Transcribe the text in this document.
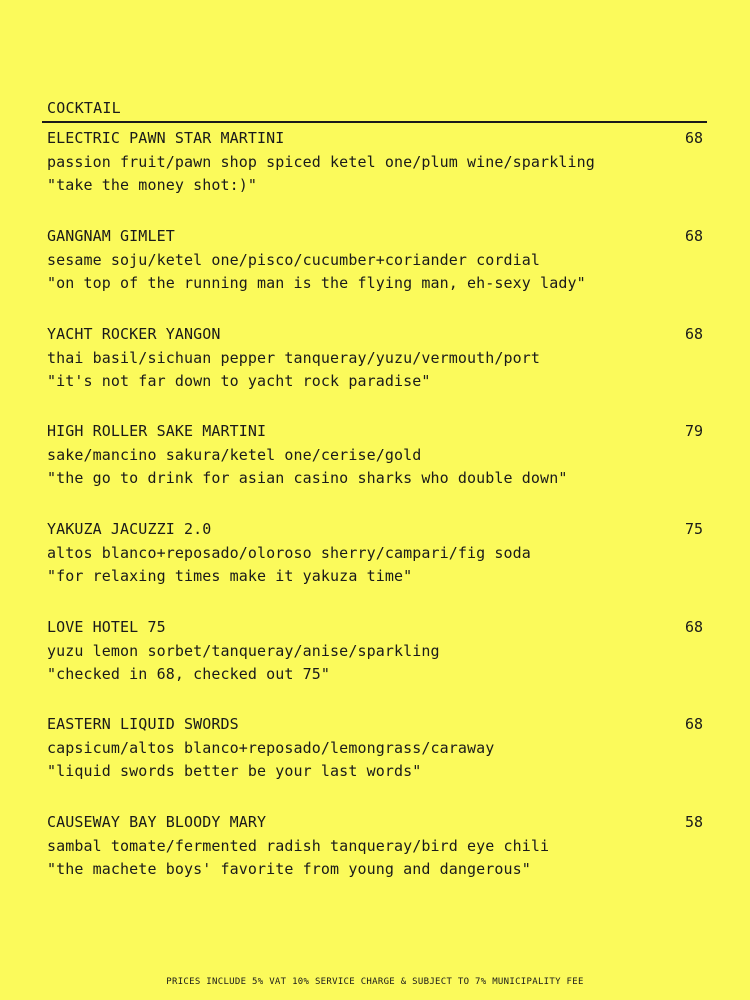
COCKTAIL
ELECTRIC PAWN STAR MARTINI	68
passion fruit/pawn shop spiced ketel one/plum wine/sparkling
"take the money shot:)"
GANGNAM GIMLET	68
sesame soju/ketel one/pisco/cucumber+coriander cordial
"on top of the running man is the flying man, eh-sexy lady"
YACHT ROCKER YANGON	68
thai basil/sichuan pepper tanqueray/yuzu/vermouth/port
"it's not far down to yacht rock paradise"
HIGH ROLLER SAKE MARTINI	79
sake/mancino sakura/ketel one/cerise/gold
"the go to drink for asian casino sharks who double down"
YAKUZA JACUZZI 2.0	75
altos blanco+reposado/oloroso sherry/campari/fig soda
"for relaxing times make it yakuza time"
LOVE HOTEL 75	68
yuzu lemon sorbet/tanqueray/anise/sparkling
"checked in 68, checked out 75"
EASTERN LIQUID SWORDS	68
capsicum/altos blanco+reposado/lemongrass/caraway
"liquid swords better be your last words"
CAUSEWAY BAY BLOODY MARY	58
sambal tomate/fermented radish tanqueray/bird eye chili
"the machete boys' favorite from young and dangerous"
PRICES INCLUDE 5% VAT 10% SERVICE CHARGE & SUBJECT TO 7% MUNICIPALITY FEE
